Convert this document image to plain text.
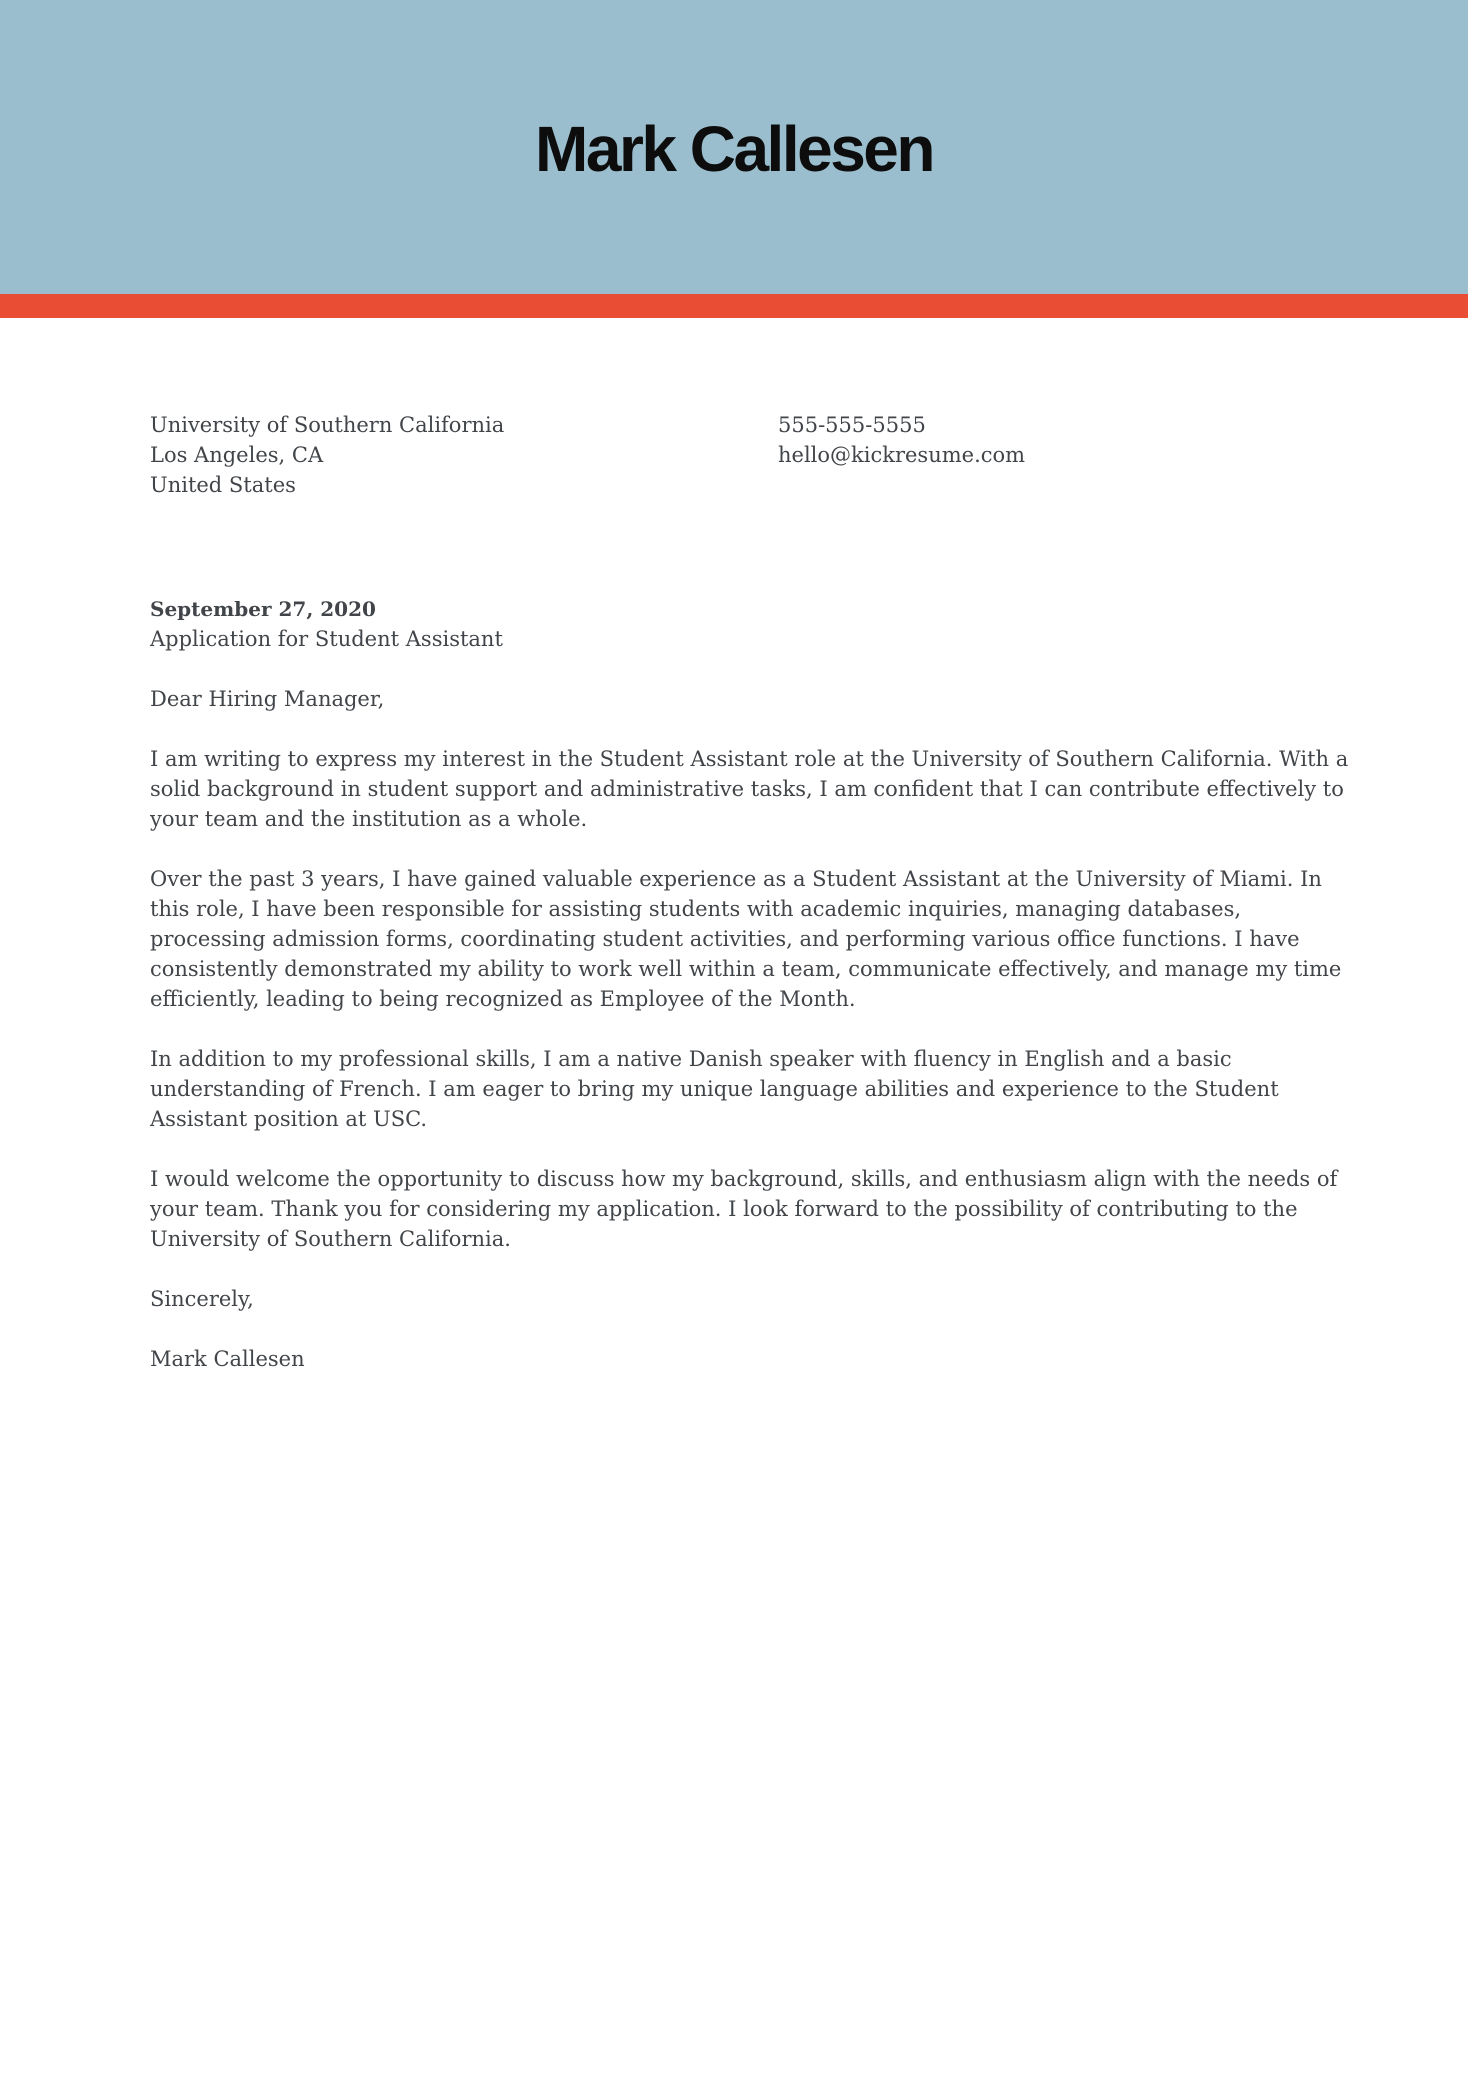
Mark Callesen
University of Southern California
Los Angeles, CA
United States
555-555-5555
hello@kickresume.com
September 27, 2020
Application for Student Assistant
Dear Hiring Manager,

I am writing to express my interest in the Student Assistant role at the University of Southern California. With a solid background in student support and administrative tasks, I am confident that I can contribute effectively to your team and the institution as a whole.

Over the past 3 years, I have gained valuable experience as a Student Assistant at the University of Miami. In this role, I have been responsible for assisting students with academic inquiries, managing databases, processing admission forms, coordinating student activities, and performing various office functions. I have consistently demonstrated my ability to work well within a team, communicate effectively, and manage my time efficiently, leading to being recognized as Employee of the Month.

In addition to my professional skills, I am a native Danish speaker with fluency in English and a basic understanding of French. I am eager to bring my unique language abilities and experience to the Student Assistant position at USC.

I would welcome the opportunity to discuss how my background, skills, and enthusiasm align with the needs of your team. Thank you for considering my application. I look forward to the possibility of contributing to the University of Southern California.

Sincerely,
Mark Callesen
